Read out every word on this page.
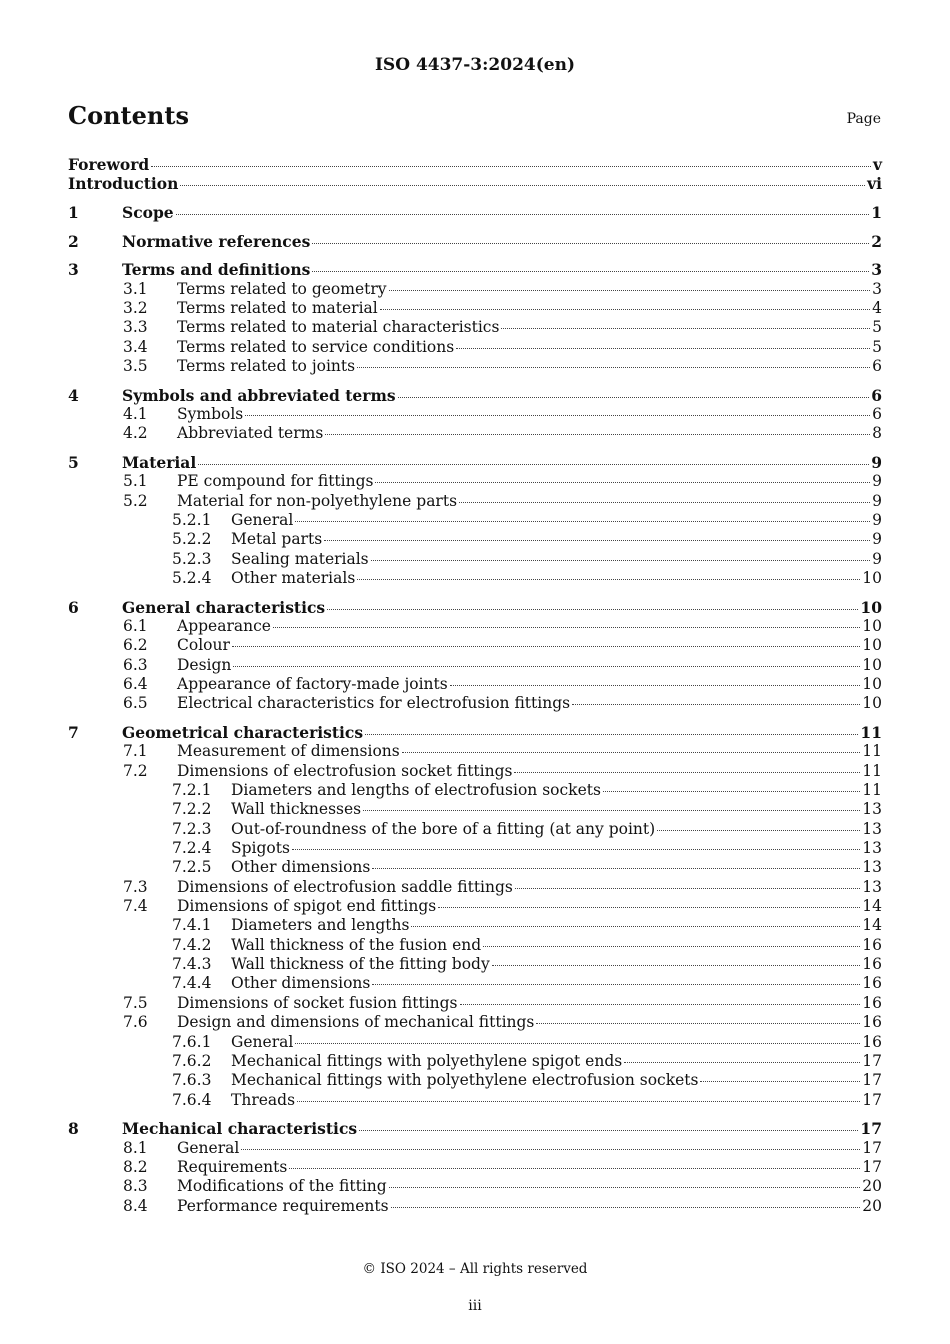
ISO 4437-3:2024(en)
Contents	Page
Foreword	v
Introduction	vi
1	Scope	1
2	Normative references	2
3	Terms and definitions	3
3.1 Terms related to geometry	3
3.2 Terms related to material	4
3.3 Terms related to material characteristics	5
3.4 Terms related to service conditions	5
3.5 Terms related to joints	6
4	Symbols and abbreviated terms	6
4.1 Symbols	6
4.2 Abbreviated terms	8
5	Material	9
5.1 PE compound for fittings	9
5.2 Material for non-polyethylene parts	9
5.2.1 General	9
5.2.2 Metal parts	9
5.2.3 Sealing materials	9
5.2.4 Other materials	10
6	General characteristics	10
6.1 Appearance	10
6.2 Colour	10
6.3 Design	10
6.4 Appearance of factory-made joints	10
6.5 Electrical characteristics for electrofusion fittings	10
7	Geometrical characteristics	11
7.1 Measurement of dimensions	11
7.2 Dimensions of electrofusion socket fittings	11
7.2.1 Diameters and lengths of electrofusion sockets	11
7.2.2 Wall thicknesses	13
7.2.3 Out-of-roundness of the bore of a fitting (at any point)	13
7.2.4 Spigots	13
7.2.5 Other dimensions	13
7.3 Dimensions of electrofusion saddle fittings	13
7.4 Dimensions of spigot end fittings	14
7.4.1 Diameters and lengths	14
7.4.2 Wall thickness of the fusion end	16
7.4.3 Wall thickness of the fitting body	16
7.4.4 Other dimensions	16
7.5 Dimensions of socket fusion fittings	16
7.6 Design and dimensions of mechanical fittings	16
7.6.1 General	16
7.6.2 Mechanical fittings with polyethylene spigot ends	17
7.6.3 Mechanical fittings with polyethylene electrofusion sockets	17
7.6.4 Threads	17
8	Mechanical characteristics	17
8.1 General	17
8.2 Requirements	17
8.3 Modifications of the fitting	20
8.4 Performance requirements	20
© ISO 2024 – All rights reserved
iii
